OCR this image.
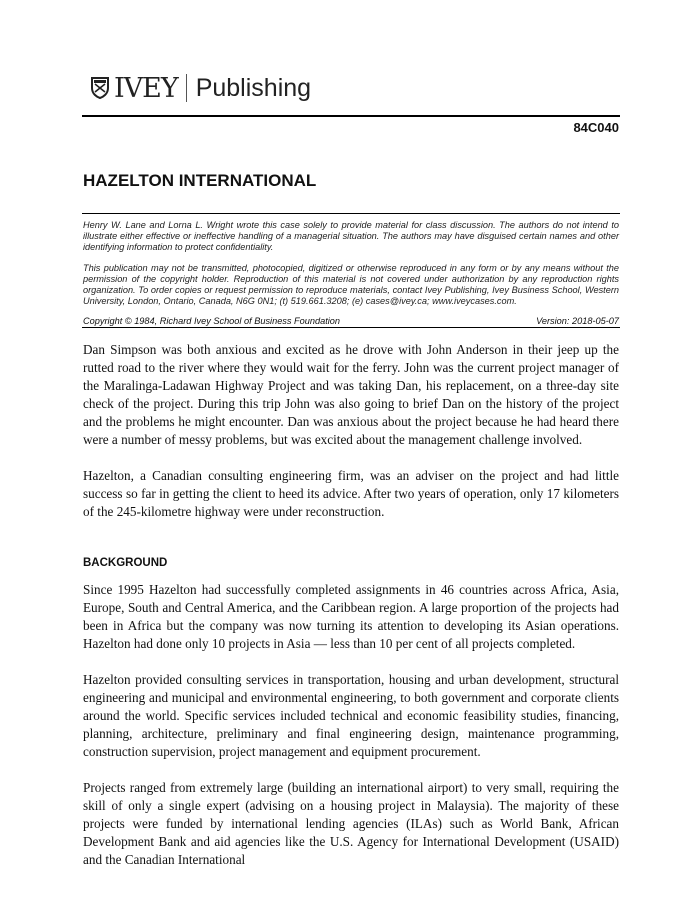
IVEY Publishing
84C040
HAZELTON INTERNATIONAL
Henry W. Lane and Lorna L. Wright wrote this case solely to provide material for class discussion. The authors do not intend to illustrate either effective or ineffective handling of a managerial situation. The authors may have disguised certain names and other identifying information to protect confidentiality.
This publication may not be transmitted, photocopied, digitized or otherwise reproduced in any form or by any means without the permission of the copyright holder. Reproduction of this material is not covered under authorization by any reproduction rights organization. To order copies or request permission to reproduce materials, contact Ivey Publishing, Ivey Business School, Western University, London, Ontario, Canada, N6G 0N1; (t) 519.661.3208; (e) cases@ivey.ca; www.iveycases.com.
Copyright © 1984, Richard Ivey School of Business Foundation	Version: 2018-05-07

Dan Simpson was both anxious and excited as he drove with John Anderson in their jeep up the rutted road to the river where they would wait for the ferry. John was the current project manager of the Maralinga-Ladawan Highway Project and was taking Dan, his replacement, on a three-day site check of the project. During this trip John was also going to brief Dan on the history of the project and the problems he might encounter. Dan was anxious about the project because he had heard there were a number of messy problems, but was excited about the management challenge involved.

Hazelton, a Canadian consulting engineering firm, was an adviser on the project and had little success so far in getting the client to heed its advice. After two years of operation, only 17 kilometers of the 245-kilometre highway were under reconstruction.

BACKGROUND

Since 1995 Hazelton had successfully completed assignments in 46 countries across Africa, Asia, Europe, South and Central America, and the Caribbean region. A large proportion of the projects had been in Africa but the company was now turning its attention to developing its Asian operations. Hazelton had done only 10 projects in Asia — less than 10 per cent of all projects completed.

Hazelton provided consulting services in transportation, housing and urban development, structural engineering and municipal and environmental engineering, to both government and corporate clients around the world. Specific services included technical and economic feasibility studies, financing, planning, architecture, preliminary and final engineering design, maintenance programming, construction supervision, project management and equipment procurement.

Projects ranged from extremely large (building an international airport) to very small, requiring the skill of only a single expert (advising on a housing project in Malaysia). The majority of these projects were funded by international lending agencies (ILAs) such as World Bank, African Development Bank and aid agencies like the U.S. Agency for International Development (USAID) and the Canadian International
